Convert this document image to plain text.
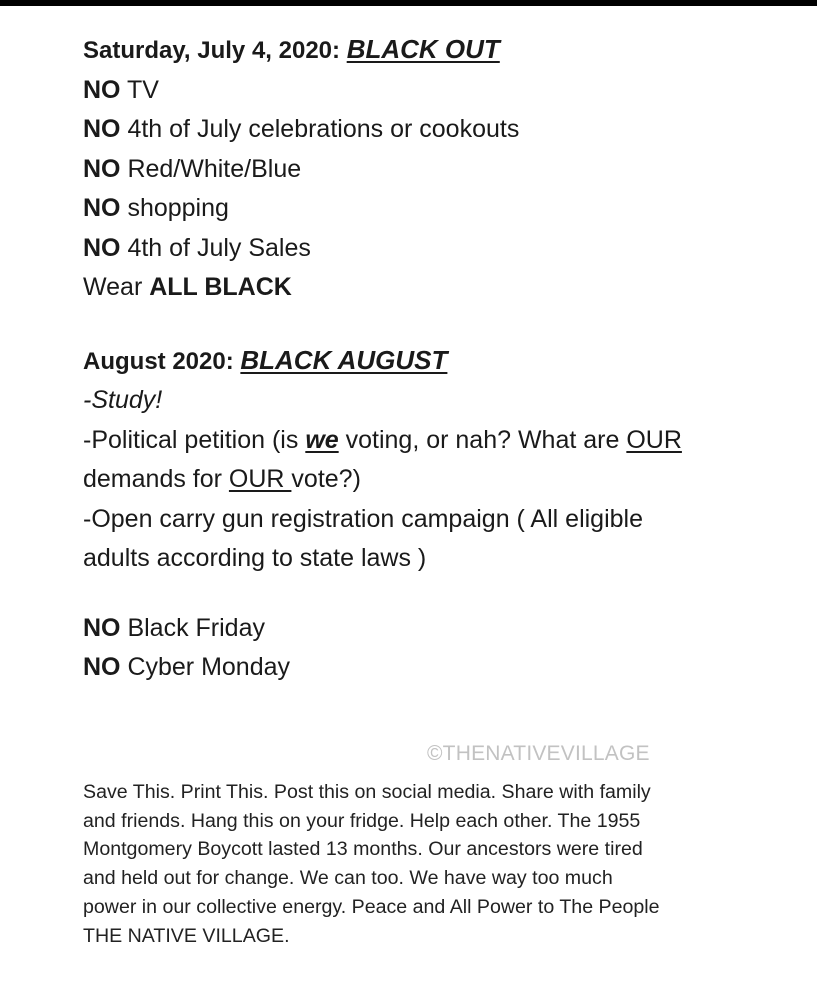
Saturday, July 4, 2020: BLACK OUT
NO TV
NO 4th of July celebrations or cookouts
NO Red/White/Blue
NO shopping
NO 4th of July Sales
Wear ALL BLACK
August 2020: BLACK AUGUST
-Study!
-Political petition (is we voting, or nah? What are OUR
demands for OUR vote?)
-Open carry gun registration campaign ( All eligible
adults according to state laws )
NO Black Friday
NO Cyber Monday
©THENATIVEVILLAGE
Save This. Print This. Post this on social media. Share with family
and friends. Hang this on your fridge. Help each other. The 1955
Montgomery Boycott lasted 13 months. Our ancestors were tired
and held out for change. We can too. We have way too much
power in our collective energy. Peace and All Power to The People
THE NATIVE VILLAGE.
